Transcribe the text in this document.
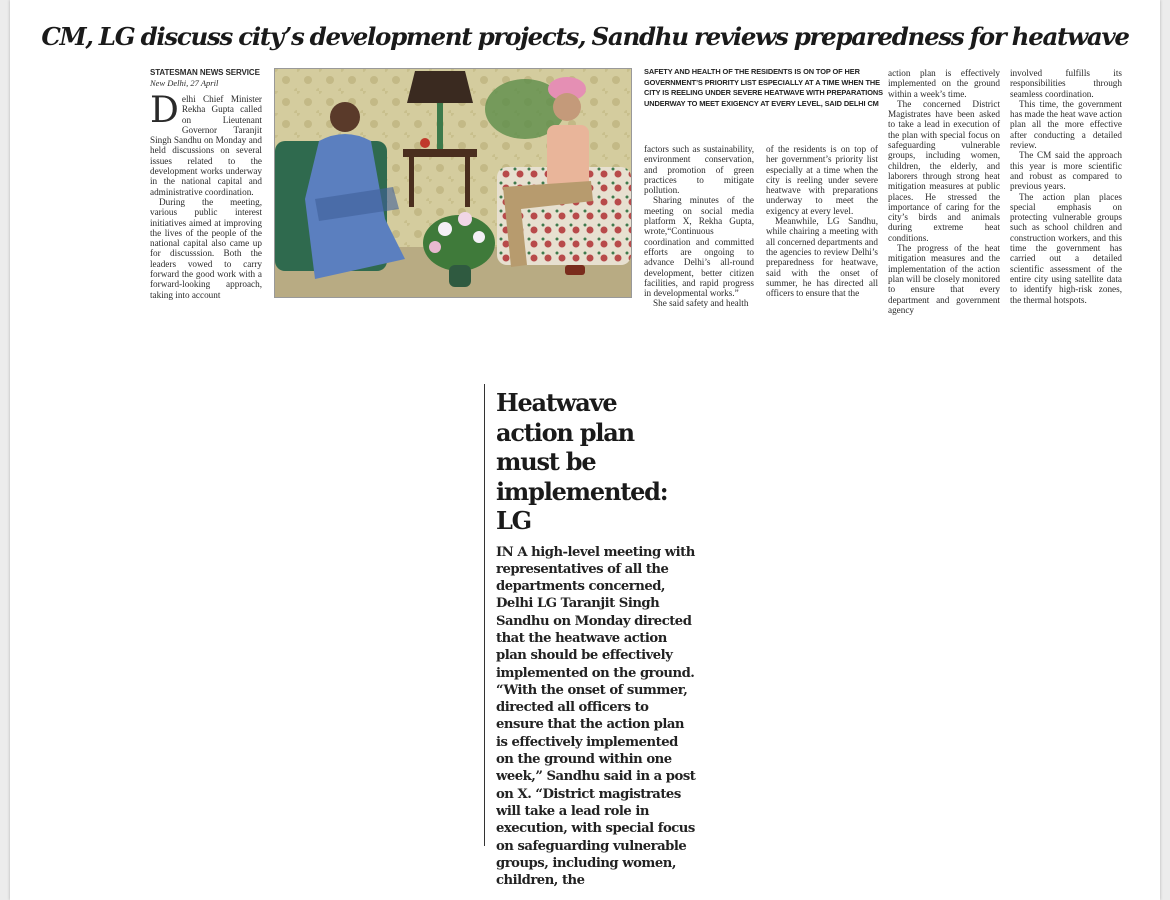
CM, LG discuss city’s development projects, Sandhu reviews preparedness for heatwave
STATESMAN NEWS SERVICE
New Delhi, 27 April

Delhi Chief Minister Rekha Gupta called on Lieutenant Governor Taranjit Singh Sandhu on Monday and held discussions on several issues related to the development works underway in the national capital and administrative coordination.

During the meeting, various public interest initiatives aimed at improving the lives of the people of the national capital also came up for discusssion. Both the leaders vowed to carry forward the good work with a forward-looking approach, taking into account

SAFETY AND HEALTH OF THE RESIDENTS IS ON TOP OF HER GOVERNMENT’S PRIORITY LIST ESPECIALLY AT A TIME WHEN THE CITY IS REELING UNDER SEVERE HEATWAVE WITH PREPARATIONS UNDERWAY TO MEET EXIGENCY AT EVERY LEVEL, SAID DELHI CM

factors such as sustainability, environment conservation, and promotion of green practices to mitigate pollution.

Sharing minutes of the meeting on social media platform X, Rekha Gupta, wrote,“Continuous coordination and committed efforts are ongoing to advance Delhi’s all-round development, better citizen facilities, and rapid progress in developmental works.”

She said safety and health

of the residents is on top of her government’s priority list especially at a time when the city is reeling under severe heatwave with preparations underway to meet the exigency at every level.

Meanwhile, LG Sandhu, while chairing a meeting with all concerned departments and the agencies to review Delhi’s preparedness for heatwave, said with the onset of summer, he has directed all officers to ensure that the

action plan is effectively implemented on the ground within a week’s time.

The concerned District Magistrates have been asked to take a lead in execution of the plan with special focus on safeguarding vulnerable groups, including women, children, the elderly, and laborers through strong heat mitigation measures at public places. He stressed the importance of caring for the city’s birds and animals during extreme heat conditions.

The progress of the heat mitigation measures and the implementation of the action plan will be closely monitored to ensure that every department and government agency

involved fulfills its responsibilities through seamless coordination.

This time, the government has made the heat wave action plan all the more effective after conducting a detailed review.

The CM said the approach this year is more scientific and robust as compared to previous years.

The action plan places special emphasis on protecting vulnerable groups such as school children and construction workers, and this time the government has carried out a detailed scientific assessment of the entire city using satellite data to identify high-risk zones, the thermal hotspots.

Heatwave action plan must be implemented: LG
IN A high-level meeting with representatives of all the departments concerned, Delhi LG Taranjit Singh Sandhu on Monday directed that the heatwave action plan should be effectively implemented on the ground. “With the onset of summer, directed all officers to ensure that the action plan is effectively implemented on the ground within one week,” Sandhu said in a post on X. “District magistrates will take a lead role in execution, with special focus on safeguarding vulnerable groups, including women, children, the
